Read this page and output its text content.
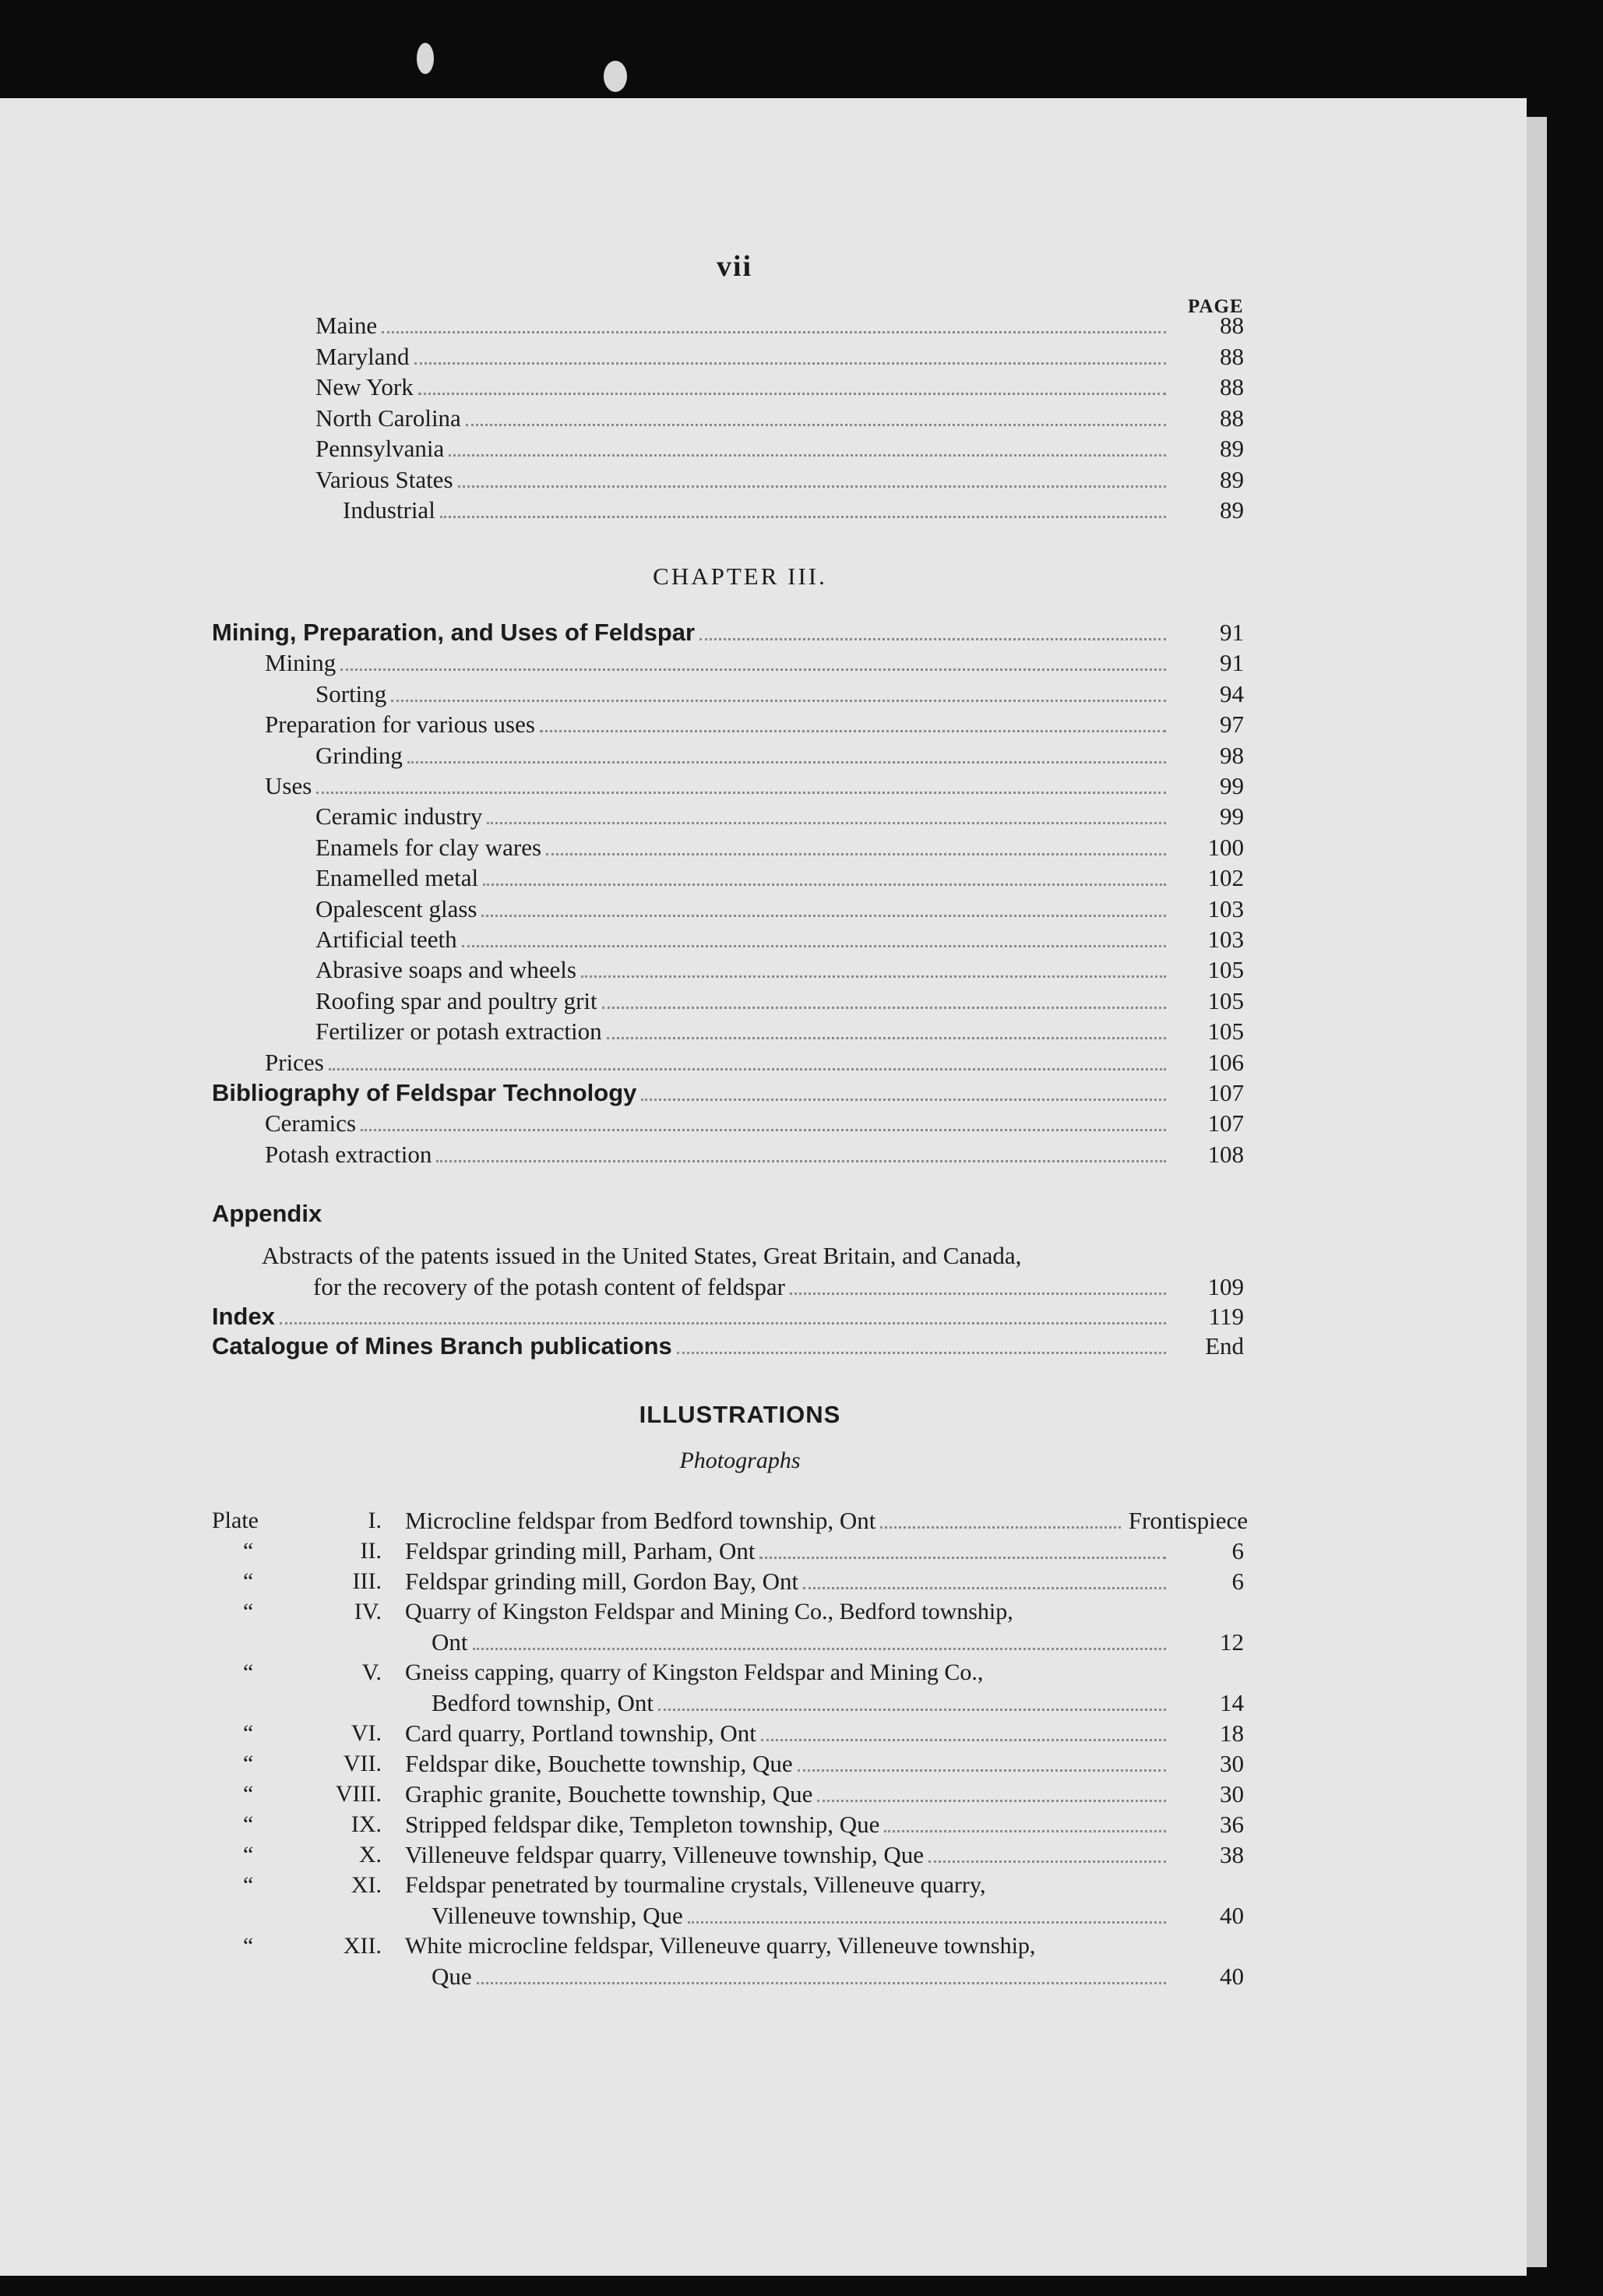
vii
PAGE
Maine	88
Maryland	88
New York	88
North Carolina	88
Pennsylvania	89
Various States	89
Industrial	89
CHAPTER III.
Mining, Preparation, and Uses of Feldspar	91
Mining	91
Sorting	94
Preparation for various uses	97
Grinding	98
Uses	99
Ceramic industry	99
Enamels for clay wares	100
Enamelled metal	102
Opalescent glass	103
Artificial teeth	103
Abrasive soaps and wheels	105
Roofing spar and poultry grit	105
Fertilizer or potash extraction	105
Prices	106
Bibliography of Feldspar Technology	107
Ceramics	107
Potash extraction	108
Appendix
Abstracts of the patents issued in the United States, Great Britain, and Canada,
for the recovery of the potash content of feldspar	109
Index	119
Catalogue of Mines Branch publications	End
ILLUSTRATIONS
Photographs
Plate	I. Microcline feldspar from Bedford township, Ont	Frontispiece
“	II. Feldspar grinding mill, Parham, Ont	6
“	III. Feldspar grinding mill, Gordon Bay, Ont	6
“	IV. Quarry of Kingston Feldspar and Mining Co., Bedford township,
Ont	12
“	V. Gneiss capping, quarry of Kingston Feldspar and Mining Co.,
Bedford township, Ont	14
“	VI. Card quarry, Portland township, Ont	18
“	VII. Feldspar dike, Bouchette township, Que	30
“	VIII. Graphic granite, Bouchette township, Que	30
“	IX. Stripped feldspar dike, Templeton township, Que	36
“	X. Villeneuve feldspar quarry, Villeneuve township, Que	38
“	XI. Feldspar penetrated by tourmaline crystals, Villeneuve quarry,
Villeneuve township, Que	40
“	XII. White microcline feldspar, Villeneuve quarry, Villeneuve township,
Que	40
